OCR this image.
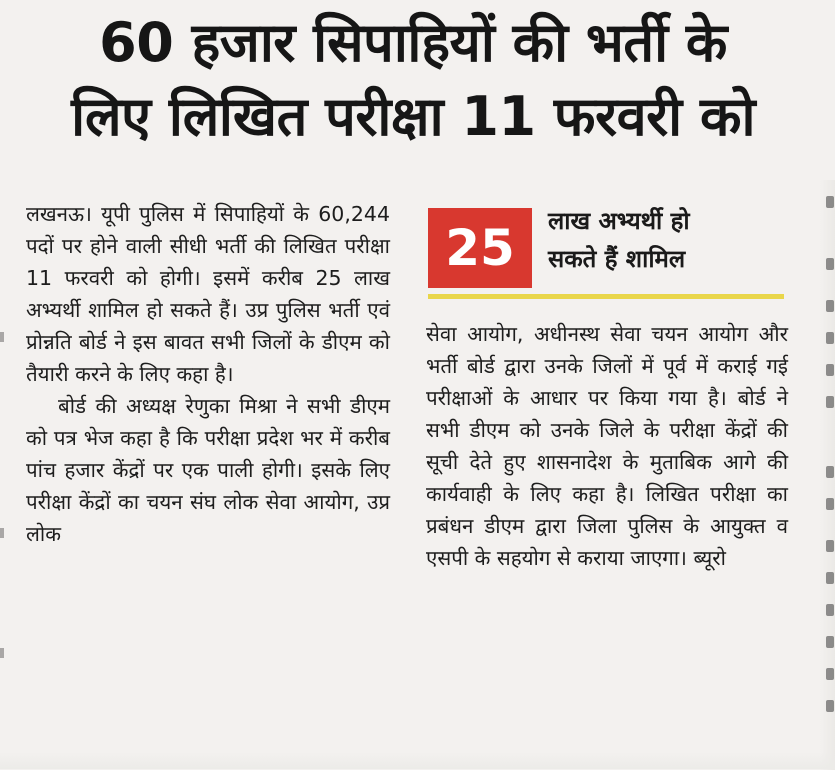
60 हजार सिपाहियों की भर्ती के
लिए लिखित परीक्षा 11 फरवरी को

लखनऊ। यूपी पुलिस में सिपाहियों के 60,244 पदों पर होने वाली सीधी भर्ती की लिखित परीक्षा 11 फरवरी को होगी। इसमें करीब 25 लाख अभ्यर्थी शामिल हो सकते हैं। उप्र पुलिस भर्ती एवं प्रोन्नति बोर्ड ने इस बावत सभी जिलों के डीएम को तैयारी करने के लिए कहा है।

बोर्ड की अध्यक्ष रेणुका मिश्रा ने सभी डीएम को पत्र भेज कहा है कि परीक्षा प्रदेश भर में करीब पांच हजार केंद्रों पर एक पाली होगी। इसके लिए परीक्षा केंद्रों का चयन संघ लोक सेवा आयोग, उप्र लोक

25	लाख अभ्यर्थी हो
सकते हैं शामिल

सेवा आयोग, अधीनस्थ सेवा चयन आयोग और भर्ती बोर्ड द्वारा उनके जिलों में पूर्व में कराई गई परीक्षाओं के आधार पर किया गया है। बोर्ड ने सभी डीएम को उनके जिले के परीक्षा केंद्रों की सूची देते हुए शासनादेश के मुताबिक आगे की कार्यवाही के लिए कहा है। लिखित परीक्षा का प्रबंधन डीएम द्वारा जिला पुलिस के आयुक्त व एसपी के सहयोग से कराया जाएगा। ब्यूरो
